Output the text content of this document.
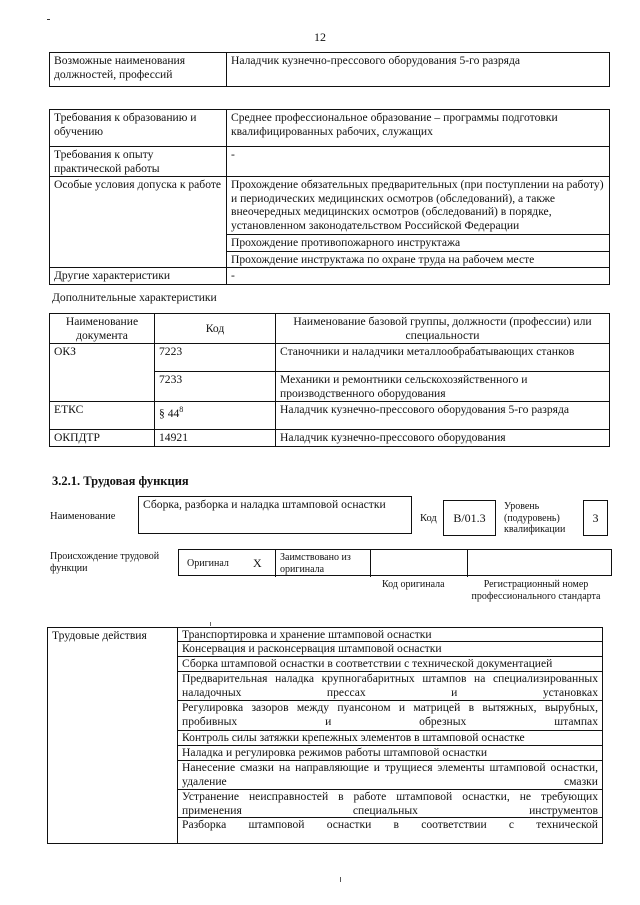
12
Возможные наименования должностей, профессий	Наладчик кузнечно-прессового оборудования 5-го разряда
Требования к образованию и обучению	Среднее профессиональное образование – программы подготовки квалифицированных рабочих, служащих
Требования к опыту практической работы	-
Особые условия допуска к работе	Прохождение обязательных предварительных (при поступлении на работу) и периодических медицинских осмотров (обследований), а также внеочередных медицинских осмотров (обследований) в порядке, установленном законодательством Российской Федерации
Прохождение противопожарного инструктажа
Прохождение инструктажа по охране труда на рабочем месте

Другие характеристики	-
Дополнительные характеристики
Наименование документа	Код	Наименование базовой группы, должности (профессии) или специальности
ОКЗ	7223	Станочники и наладчики металлообрабатывающих станков
	7233	Механики и ремонтники сельскохозяйственного и производственного оборудования
ЕТКС	§ $44^8$	Наладчик кузнечно-прессового оборудования 5-го разряда
ОКПДТР	14921	Наладчик кузнечно-прессового оборудования
3.2.1. Трудовая функция
Наименование
Сборка, разборка и наладка штамповой оснастки
Код	В/01.3
Уровень (подуровень) квалификации
3
Происхождение трудовой функции	Оригинал X Заимствовано из оригинала
Код оригинала	Регистрационный номер профессионального стандарта
Трудовые действия	Транспортировка и хранение штамповой оснастки
Консервация и расконсервация штамповой оснастки
Сборка штамповой оснастки в соответствии с технической документацией
Предварительная наладка крупногабаритных штампов на специализированных наладочных прессах и установках
Регулировка зазоров между пуансоном и матрицей в вытяжных, вырубных, пробивных и обрезных штампах
Контроль силы затяжки крепежных элементов в штамповой оснастке
Наладка и регулировка режимов работы штамповой оснастки
Нанесение смазки на направляющие и трущиеся элементы штамповой оснастки, удаление смазки
Устранение неисправностей в работе штамповой оснастки, не требующих применения специальных инструментов
Разборка штамповой оснастки в соответствии с технической
